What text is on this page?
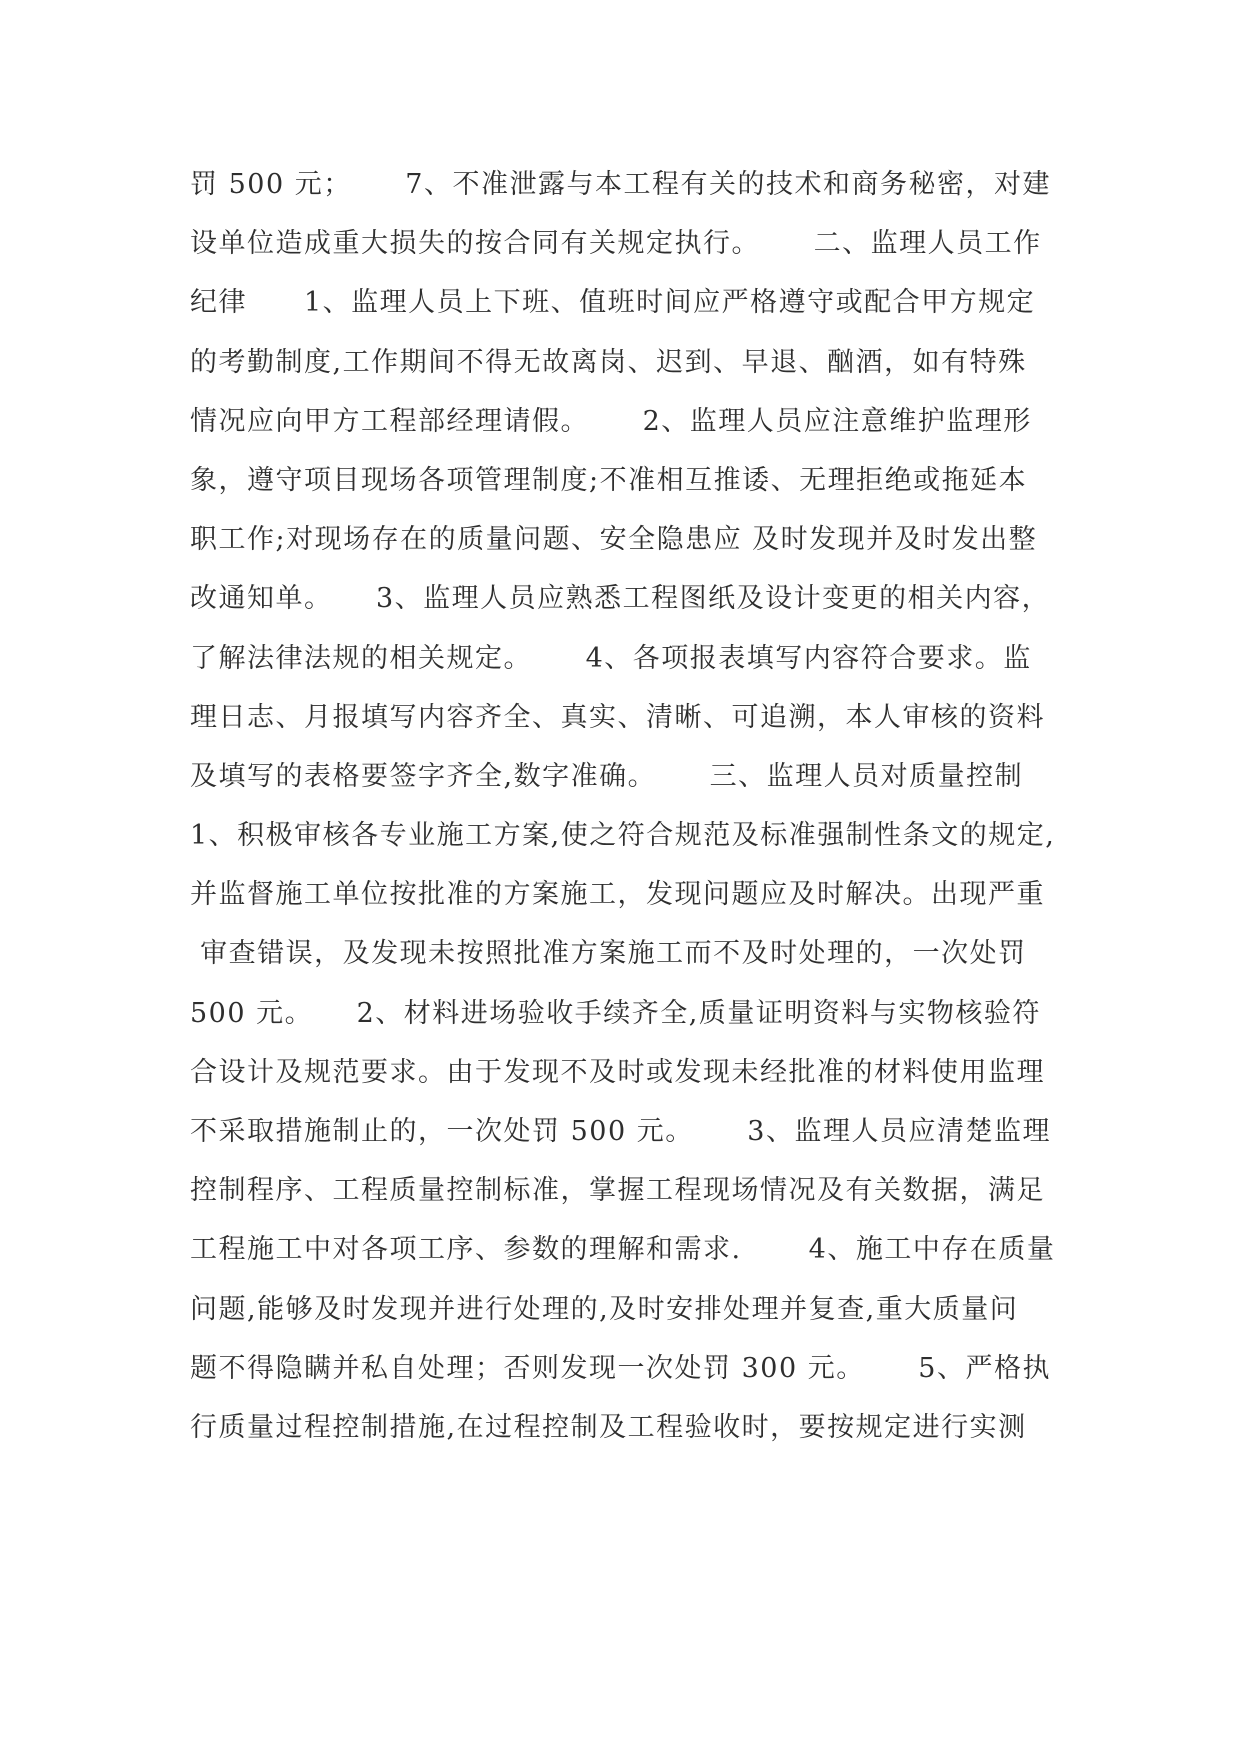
罚 500 元；　　 7、不准泄露与本工程有关的技术和商务秘密，对建
设单位造成重大损失的按合同有关规定执行。　　 二、监理人员工作
纪律　　1、监理人员上下班、值班时间应严格遵守或配合甲方规定
的考勤制度,工作期间不得无故离岗、迟到、早退、酗酒，如有特殊
情况应向甲方工程部经理请假。　　 2、监理人员应注意维护监理形
象，遵守项目现场各项管理制度;不准相互推诿、无理拒绝或拖延本
职工作;对现场存在的质量问题、安全隐患应 及时发现并及时发出整
改通知单。　　3、监理人员应熟悉工程图纸及设计变更的相关内容，
了解法律法规的相关规定。　　 4、各项报表填写内容符合要求。监
理日志、月报填写内容齐全、真实、清晰、可追溯，本人审核的资料
及填写的表格要签字齐全,数字准确。　　 三、监理人员对质量控制
1、积极审核各专业施工方案,使之符合规范及标准强制性条文的规定,
并监督施工单位按批准的方案施工，发现问题应及时解决。出现严重
审查错误，及发现未按照批准方案施工而不及时处理的，一次处罚
500 元。　　2、材料进场验收手续齐全,质量证明资料与实物核验符
合设计及规范要求。由于发现不及时或发现未经批准的材料使用监理
不采取措施制止的，一次处罚 500 元。　　 3、监理人员应清楚监理
控制程序、工程质量控制标准，掌握工程现场情况及有关数据，满足
工程施工中对各项工序、参数的理解和需求.　　 4、施工中存在质量
问题,能够及时发现并进行处理的,及时安排处理并复查,重大质量问
题不得隐瞒并私自处理；否则发现一次处罚 300 元。　　 5、严格执
行质量过程控制措施,在过程控制及工程验收时，要按规定进行实测
